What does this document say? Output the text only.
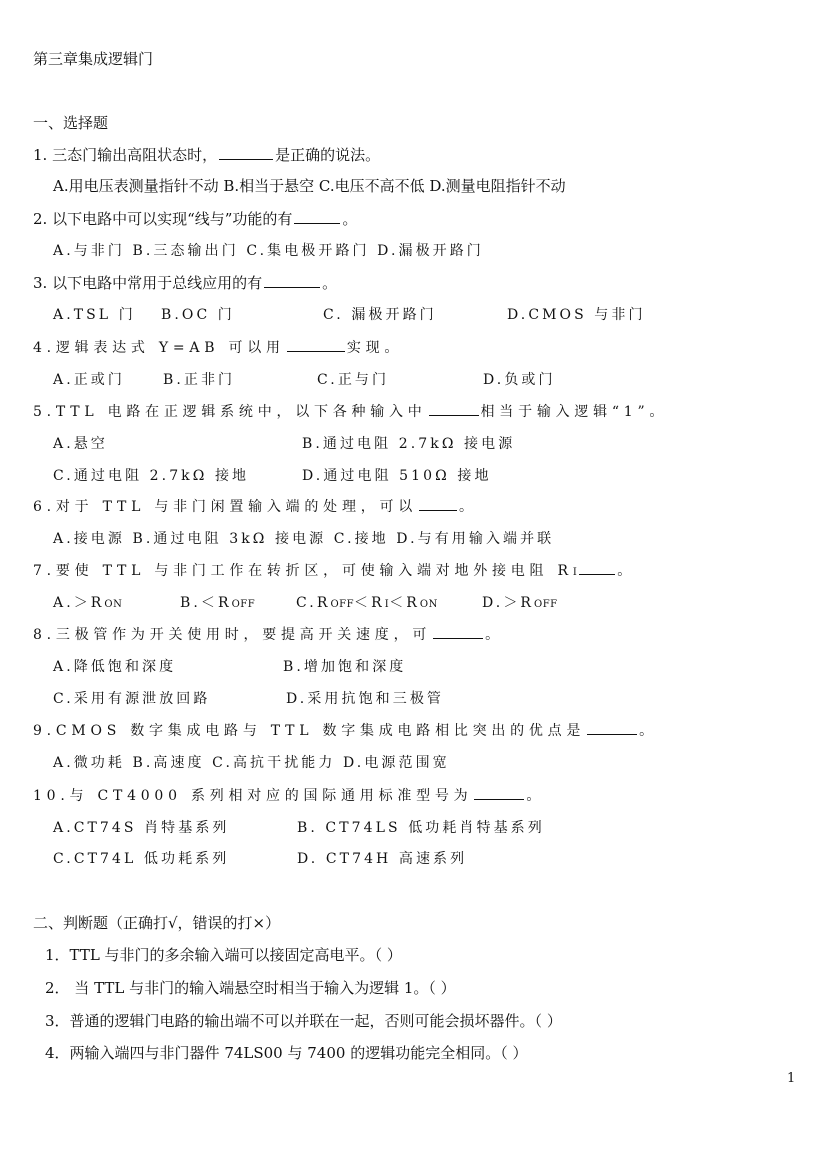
第三章集成逻辑门
一、选择题
1. 三态门输出高阻状态时，	是正确的说法。
A.用电压表测量指针不动 B.相当于悬空 C.电压不高不低 D.测量电阻指针不动
2. 以下电路中可以实现“线与”功能的有	。
A.与非门 B.三态输出门 C.集电极开路门 D.漏极开路门
3. 以下电路中常用于总线应用的有	。
A.TSL 门 B.OC 门	C. 漏极开路门	D.CMOS 与非门
4.逻辑表达式 Y=AB 可以用	实现。
A.正或门	B.正非门	C.正与门	D.负或门
5.TTL 电路在正逻辑系统中，以下各种输入中	相当于输入逻辑“1”。
A.悬空	B.通过电阻 2.7kΩ 接电源
C.通过电阻 2.7kΩ 接地	D.通过电阻 510Ω 接地
6.对于 TTL 与非门闲置输入端的处理，可以	。
A.接电源 B.通过电阻 3kΩ 接电源 C.接地 D.与有用输入端并联
7.要使 TTL 与非门工作在转折区，可使输入端对地外接电阻 RI	。
A.＞RON	B.＜ROFF	C.ROFF＜RI＜RON	D.＞ROFF
8.三极管作为开关使用时，要提高开关速度，可	。
A.降低饱和深度	B.增加饱和深度
C.采用有源泄放回路	D.采用抗饱和三极管
9.CMOS 数字集成电路与 TTL 数字集成电路相比突出的优点是	。
A.微功耗 B.高速度 C.高抗干扰能力 D.电源范围宽
10.与 CT4000 系列相对应的国际通用标准型号为	。
A.CT74S 肖特基系列	B. CT74LS 低功耗肖特基系列
C.CT74L 低功耗系列	D. CT74H 高速系列
二、判断题（正确打√，错误的打×）
1．TTL 与非门的多余输入端可以接固定高电平。（ ）
2． 当 TTL 与非门的输入端悬空时相当于输入为逻辑 1。（ ）
3．普通的逻辑门电路的输出端不可以并联在一起，否则可能会损坏器件。（ ）
4．两输入端四与非门器件 74LS00 与 7400 的逻辑功能完全相同。（ ）
1
